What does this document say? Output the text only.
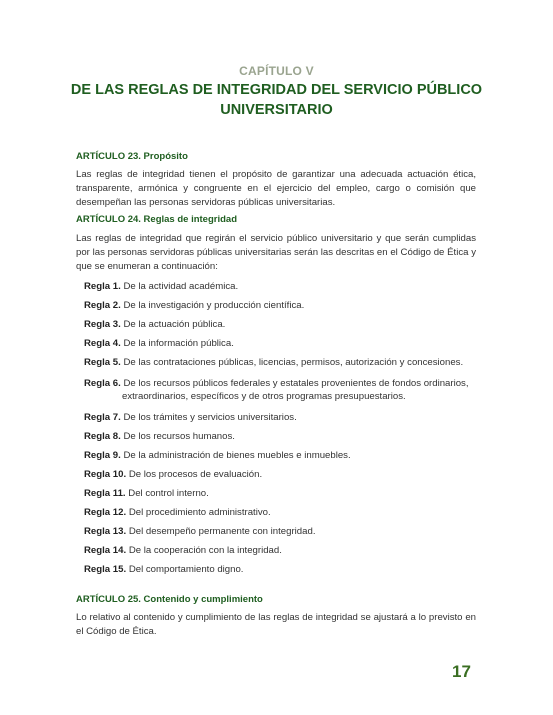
CAPÍTULO V
DE LAS REGLAS DE INTEGRIDAD DEL SERVICIO PÚBLICO UNIVERSITARIO
ARTÍCULO 23. Propósito

Las reglas de integridad tienen el propósito de garantizar una adecuada actuación ética, transparente, armónica y congruente en el ejercicio del empleo, cargo o comisión que desempeñan las personas servidoras públicas universitarias.

ARTÍCULO 24. Reglas de integridad

Las reglas de integridad que regirán el servicio público universitario y que serán cumplidas por las personas servidoras públicas universitarias serán las descritas en el Código de Ética y que se enumeran a continuación:

Regla 1. De la actividad académica.
Regla 2. De la investigación y producción científica.
Regla 3. De la actuación pública.
Regla 4. De la información pública.
Regla 5. De las contrataciones públicas, licencias, permisos, autorización y concesiones.
Regla 6. De los recursos públicos federales y estatales provenientes de fondos ordinarios, extraordinarios, específicos y de otros programas presupuestarios.
Regla 7. De los trámites y servicios universitarios.
Regla 8. De los recursos humanos.
Regla 9. De la administración de bienes muebles e inmuebles.
Regla 10. De los procesos de evaluación.
Regla 11. Del control interno.
Regla 12. Del procedimiento administrativo.
Regla 13. Del desempeño permanente con integridad.
Regla 14. De la cooperación con la integridad.
Regla 15. Del comportamiento digno.
ARTÍCULO 25. Contenido y cumplimiento

Lo relativo al contenido y cumplimiento de las reglas de integridad se ajustará a lo previsto en el Código de Ética.

17
